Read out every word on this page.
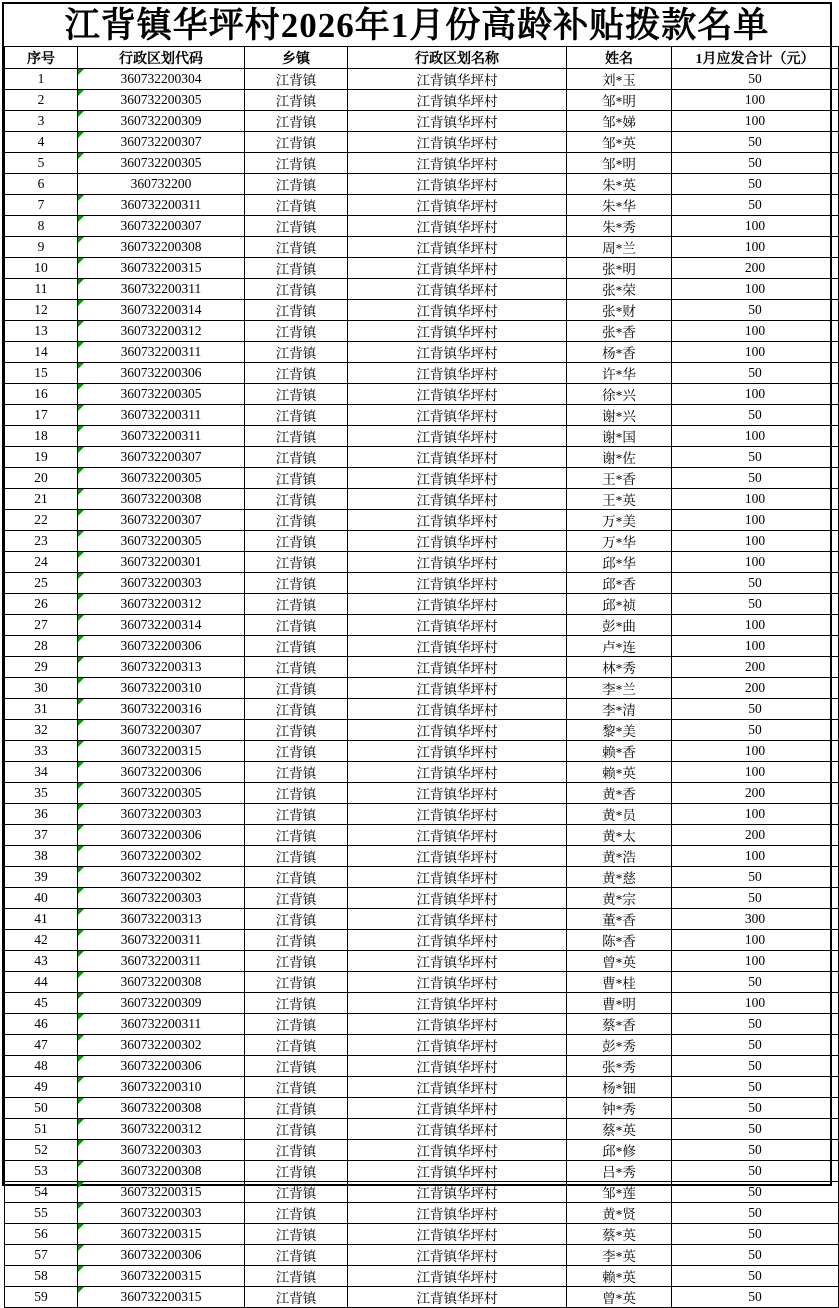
江背镇华坪村2026年1月份高龄补贴拨款名单
序号	行政区划代码	乡镇	行政区划名称	姓名	1月应发合计（元）
1	360732200304	江背镇	江背镇华坪村	刘*玉	50
2	360732200305	江背镇	江背镇华坪村	邹*明	100
3	360732200309	江背镇	江背镇华坪村	邹*娣	100
4	360732200307	江背镇	江背镇华坪村	邹*英	50
5	360732200305	江背镇	江背镇华坪村	邹*明	50
6	360732200	江背镇	江背镇华坪村	朱*英	50
7	360732200311	江背镇	江背镇华坪村	朱*华	50
8	360732200307	江背镇	江背镇华坪村	朱*秀	100
9	360732200308	江背镇	江背镇华坪村	周*兰	100
10	360732200315	江背镇	江背镇华坪村	张*明	200
11	360732200311	江背镇	江背镇华坪村	张*荣	100
12	360732200314	江背镇	江背镇华坪村	张*财	50
13	360732200312	江背镇	江背镇华坪村	张*香	100
14	360732200311	江背镇	江背镇华坪村	杨*香	100
15	360732200306	江背镇	江背镇华坪村	许*华	50
16	360732200305	江背镇	江背镇华坪村	徐*兴	100
17	360732200311	江背镇	江背镇华坪村	谢*兴	50
18	360732200311	江背镇	江背镇华坪村	谢*国	100
19	360732200307	江背镇	江背镇华坪村	谢*佐	50
20	360732200305	江背镇	江背镇华坪村	王*香	50
21	360732200308	江背镇	江背镇华坪村	王*英	100
22	360732200307	江背镇	江背镇华坪村	万*美	100
23	360732200305	江背镇	江背镇华坪村	万*华	100
24	360732200301	江背镇	江背镇华坪村	邱*华	100
25	360732200303	江背镇	江背镇华坪村	邱*香	50
26	360732200312	江背镇	江背镇华坪村	邱*祯	50
27	360732200314	江背镇	江背镇华坪村	彭*曲	100
28	360732200306	江背镇	江背镇华坪村	卢*连	100
29	360732200313	江背镇	江背镇华坪村	林*秀	200
30	360732200310	江背镇	江背镇华坪村	李*兰	200
31	360732200316	江背镇	江背镇华坪村	李*清	50
32	360732200307	江背镇	江背镇华坪村	黎*美	50
33	360732200315	江背镇	江背镇华坪村	赖*香	100
34	360732200306	江背镇	江背镇华坪村	赖*英	100
35	360732200305	江背镇	江背镇华坪村	黄*香	200
36	360732200303	江背镇	江背镇华坪村	黄*员	100
37	360732200306	江背镇	江背镇华坪村	黄*太	200
38	360732200302	江背镇	江背镇华坪村	黄*浩	100
39	360732200302	江背镇	江背镇华坪村	黄*慈	50
40	360732200303	江背镇	江背镇华坪村	黄*宗	50
41	360732200313	江背镇	江背镇华坪村	董*香	300
42	360732200311	江背镇	江背镇华坪村	陈*香	100
43	360732200311	江背镇	江背镇华坪村	曾*英	100
44	360732200308	江背镇	江背镇华坪村	曹*桂	50
45	360732200309	江背镇	江背镇华坪村	曹*明	100
46	360732200311	江背镇	江背镇华坪村	蔡*香	50
47	360732200302	江背镇	江背镇华坪村	彭*秀	50
48	360732200306	江背镇	江背镇华坪村	张*秀	50
49	360732200310	江背镇	江背镇华坪村	杨*钿	50
50	360732200308	江背镇	江背镇华坪村	钟*秀	50
51	360732200312	江背镇	江背镇华坪村	蔡*英	50
52	360732200303	江背镇	江背镇华坪村	邱*修	50
53	360732200308	江背镇	江背镇华坪村	吕*秀	50
54	360732200315	江背镇	江背镇华坪村	邹*莲	50
55	360732200303	江背镇	江背镇华坪村	黄*贤	50
56	360732200315	江背镇	江背镇华坪村	蔡*英	50
57	360732200306	江背镇	江背镇华坪村	李*英	50
58	360732200315	江背镇	江背镇华坪村	赖*英	50
59	360732200315	江背镇	江背镇华坪村	曾*英	50
